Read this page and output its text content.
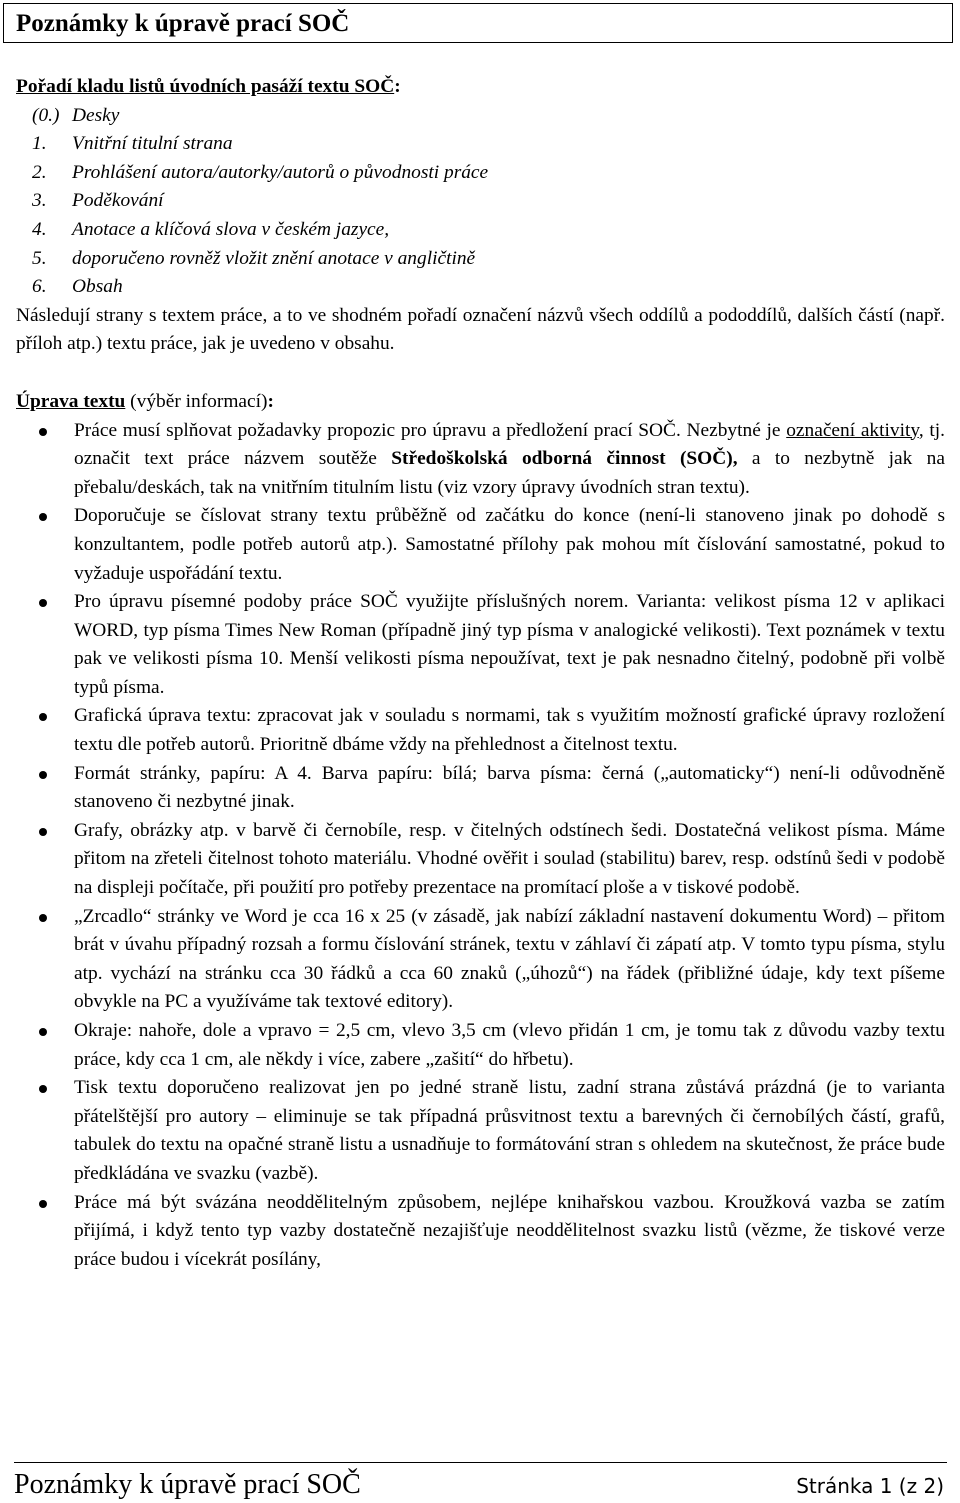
Poznámky k úpravě prací SOČ

Pořadí kladu listů úvodních pasáží textu SOČ:

(0.) Desky
1.	Vnitřní titulní strana
2.	Prohlášení autora/autorky/autorů o původnosti práce
3.	Poděkování
4.	Anotace a klíčová slova v českém jazyce,
5.	doporučeno rovněž vložit znění anotace v angličtině
6.	Obsah

Následují strany s textem práce, a to ve shodném pořadí označení názvů všech oddílů a pododdílů, dalších částí (např. příloh atp.) textu práce, jak je uvedeno v obsahu.

Úprava textu (výběr informací):

Práce musí splňovat požadavky propozic pro úpravu a předložení prací SOČ. Nezbytné je označení aktivity, tj. označit text práce názvem soutěže Středoškolská odborná činnost (SOČ), a to nezbytně jak na přebalu/deskách, tak na vnitřním titulním listu (viz vzory úpravy úvodních stran textu).
Doporučuje se číslovat strany textu průběžně od začátku do konce (není-li stanoveno jinak po dohodě s konzultantem, podle potřeb autorů atp.). Samostatné přílohy pak mohou mít číslování samostatné, pokud to vyžaduje uspořádání textu.
Pro úpravu písemné podoby práce SOČ využijte příslušných norem. Varianta: velikost písma 12 v aplikaci WORD, typ písma Times New Roman (případně jiný typ písma v analogické velikosti). Text poznámek v textu pak ve velikosti písma 10. Menší velikosti písma nepoužívat, text je pak nesnadno čitelný, podobně při volbě typů písma.
Grafická úprava textu: zpracovat jak v souladu s normami, tak s využitím možností grafické úpravy rozložení textu dle potřeb autorů. Prioritně dbáme vždy na přehlednost a čitelnost textu.
Formát stránky, papíru: A 4. Barva papíru: bílá; barva písma: černá („automaticky“) není-li odůvodněně stanoveno či nezbytné jinak.
Grafy, obrázky atp. v barvě či černobíle, resp. v čitelných odstínech šedi. Dostatečná velikost písma. Máme přitom na zřeteli čitelnost tohoto materiálu. Vhodné ověřit i soulad (stabilitu) barev, resp. odstínů šedi v podobě na displeji počítače, při použití pro potřeby prezentace na promítací ploše a v tiskové podobě.
„Zrcadlo“ stránky ve Word je cca 16 x 25 (v zásadě, jak nabízí základní nastavení dokumentu Word) – přitom brát v úvahu případný rozsah a formu číslování stránek, textu v záhlaví či zápatí atp. V tomto typu písma, stylu atp. vychází na stránku cca 30 řádků a cca 60 znaků („úhozů“) na řádek (přibližné údaje, kdy text píšeme obvykle na PC a využíváme tak textové editory).
Okraje: nahoře, dole a vpravo = 2,5 cm, vlevo 3,5 cm (vlevo přidán 1 cm, je tomu tak z důvodu vazby textu práce, kdy cca 1 cm, ale někdy i více, zabere „zašití“ do hřbetu).
Tisk textu doporučeno realizovat jen po jedné straně listu, zadní strana zůstává prázdná (je to varianta přátelštější pro autory – eliminuje se tak případná průsvitnost textu a barevných či černobílých částí, grafů, tabulek do textu na opačné straně listu a usnadňuje to formátování stran s ohledem na skutečnost, že práce bude předkládána ve svazku (vazbě).
Práce má být svázána neoddělitelným způsobem, nejlépe knihařskou vazbou. Kroužková vazba se zatím přijímá, i když tento typ vazby dostatečně nezajišťuje neoddělitelnost svazku listů (vězme, že tiskové verze práce budou i vícekrát posílány,
Poznámky k úpravě prací SOČ	Stránka 1 (z 2)
